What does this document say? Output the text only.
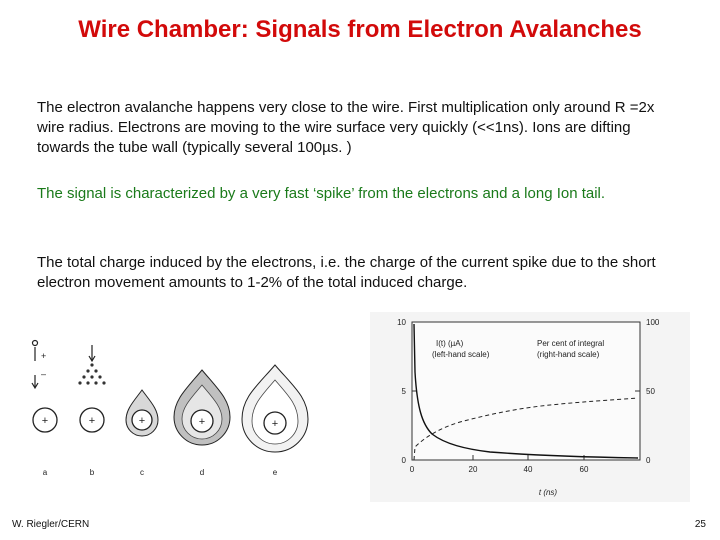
Wire Chamber: Signals from Electron Avalanches
The electron avalanche happens very close to the wire. First multiplication only around R =2x wire radius. Electrons are moving to the wire surface very quickly (<<1ns). Ions are difting towards the tube wall (typically several 100µs. )
The signal is characterized by a very fast ‘spike’ from the electrons and a long Ion tail.
The total charge induced by the electrons, i.e. the charge of the current spike due to the short electron movement amounts to 1-2% of the total induced charge.
+
–
+	+	+	+	+
a	b	c	d	e
10
5
0
100
50
0
0	20	40	60
t (ns)
I(t) (µA)
(left-hand scale)
Per cent of integral
(right-hand scale)
W. Riegler/CERN	25
